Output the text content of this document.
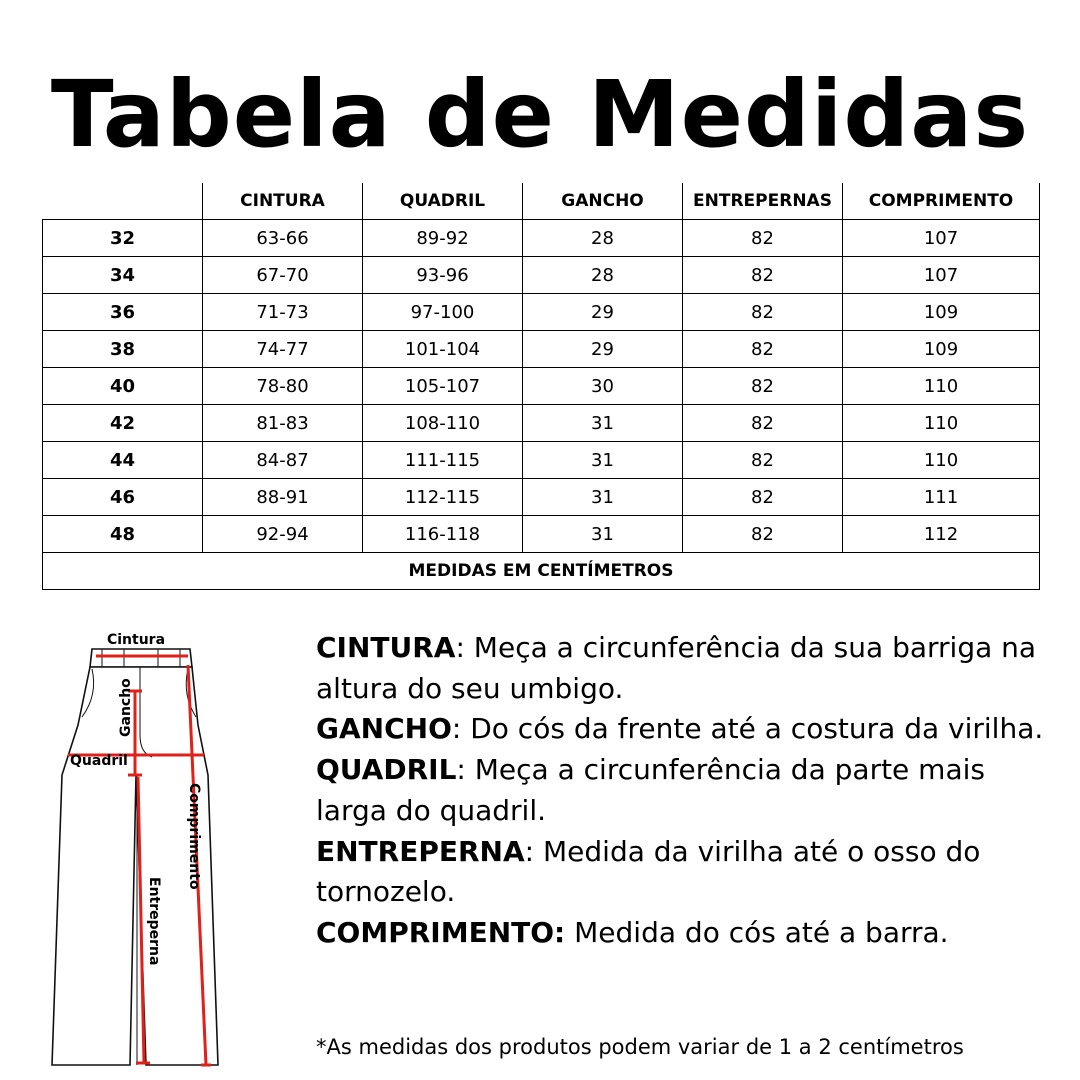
Tabela de Medidas
	CINTURA	QUADRIL	GANCHO	ENTREPERNAS	COMPRIMENTO
32	63-66	89-92	28	82	107
34	67-70	93-96	28	82	107
36	71-73	97-100	29	82	109
38	74-77	101-104	29	82	109
40	78-80	105-107	30	82	110
42	81-83	108-110	31	82	110
44	84-87	111-115	31	82	110
46	88-91	112-115	31	82	111
48	92-94	116-118	31	82	112
MEDIDAS EM CENTÍMETROS					
Cintura
Gancho
Quadril
Comprimento
Entreperna
CINTURA: Meça a circunferência da sua barriga na altura do seu umbigo.
GANCHO: Do cós da frente até a costura da virilha.
QUADRIL: Meça a circunferência da parte mais larga do quadril.
ENTREPERNA: Medida da virilha até o osso do tornozelo.
COMPRIMENTO: Medida do cós até a barra.
*As medidas dos produtos podem variar de 1 a 2 centímetros
